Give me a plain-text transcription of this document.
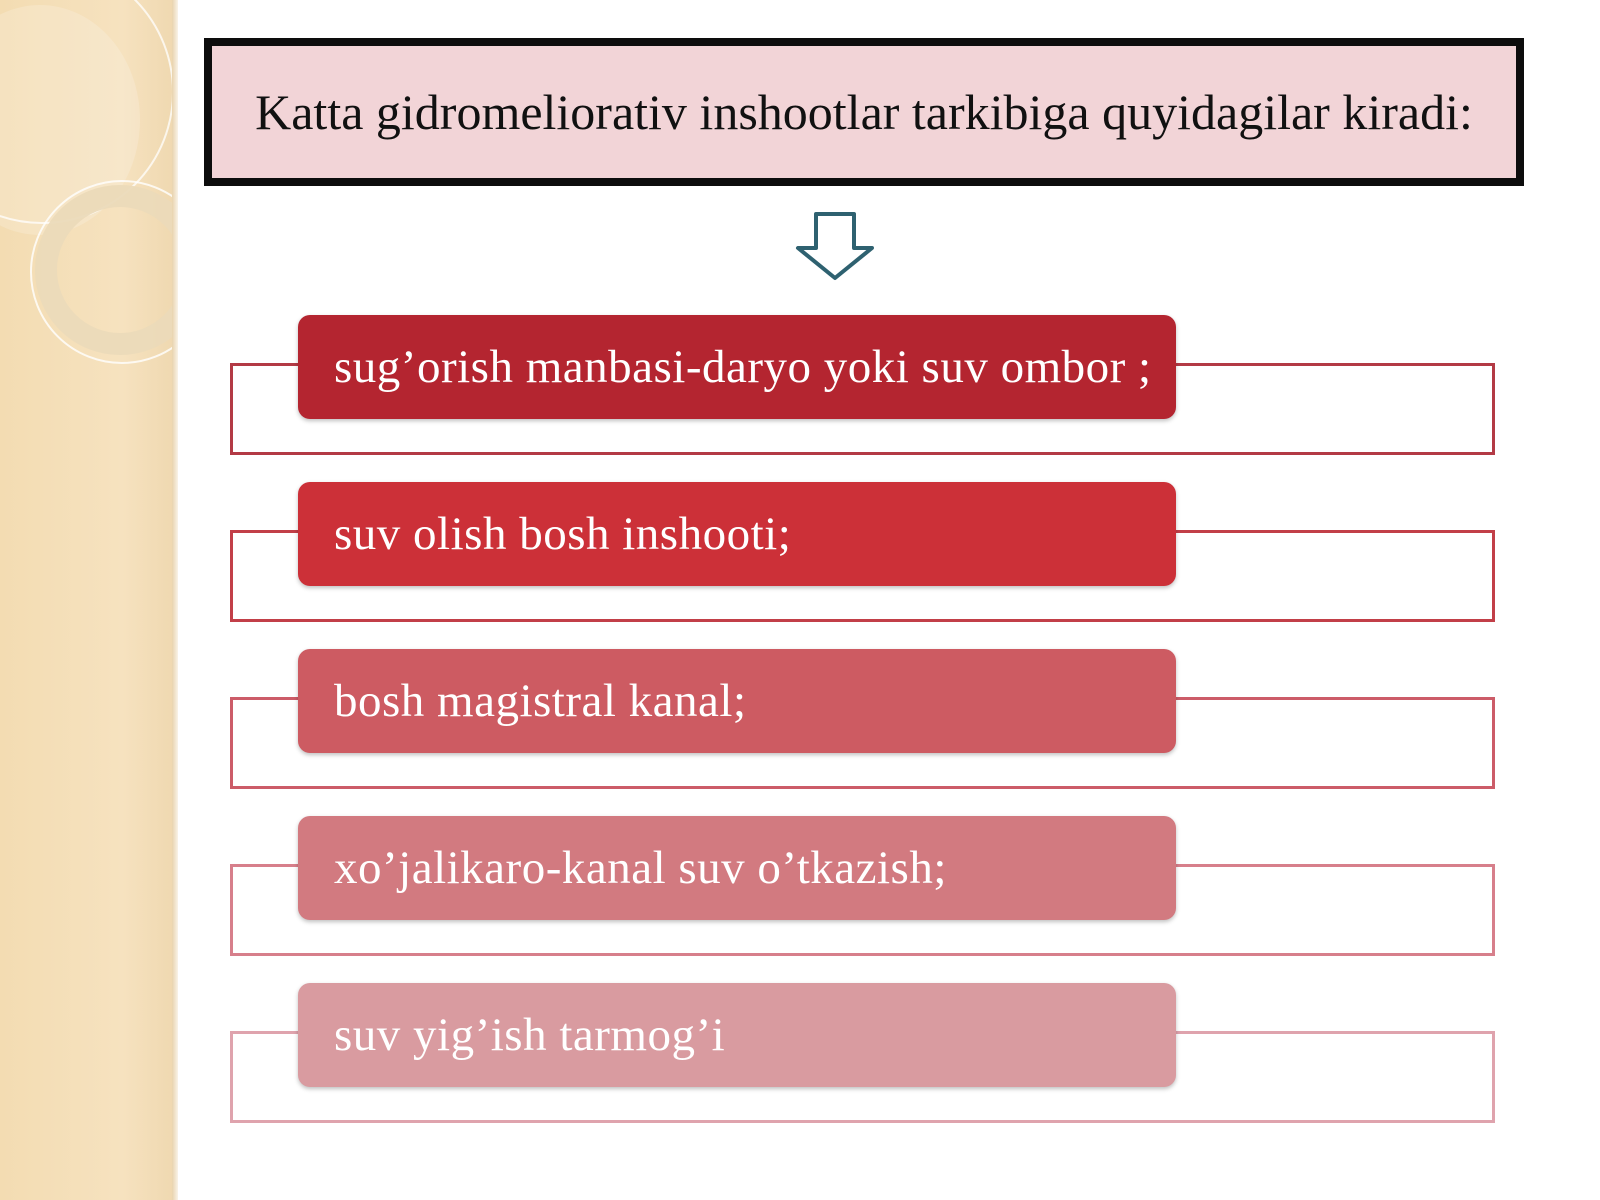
Katta gidromeliorativ inshootlar tarkibiga quyidagilar kiradi:
sug’orish manbasi-daryo yoki suv ombor ;
suv olish bosh inshooti;
bosh magistral kanal;
xo’jalikaro-kanal suv o’tkazish;
suv yig’ish tarmog’i
